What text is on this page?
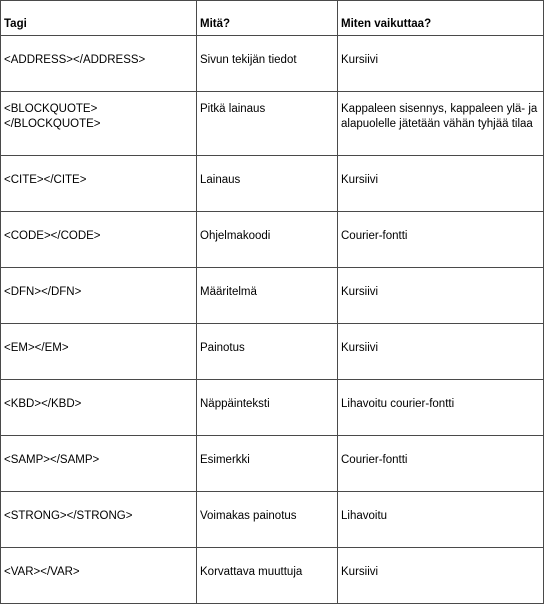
Tagi	Mitä?	Miten vaikuttaa?
<ADDRESS></ADDRESS>	Sivun tekijän tiedot	Kursiivi
<BLOCKQUOTE> </BLOCKQUOTE>	Pitkä lainaus	Kappaleen sisennys, kappaleen ylä- ja alapuolelle jätetään vähän tyhjää tilaa
<CITE></CITE>	Lainaus	Kursiivi
<CODE></CODE>	Ohjelmakoodi	Courier-fontti
<DFN></DFN>	Määritelmä	Kursiivi
<EM></EM>	Painotus	Kursiivi
<KBD></KBD>	Näppäinteksti	Lihavoitu courier-fontti
<SAMP></SAMP>	Esimerkki	Courier-fontti
<STRONG></STRONG>	Voimakas painotus	Lihavoitu
<VAR></VAR>	Korvattava muuttuja	Kursiivi
